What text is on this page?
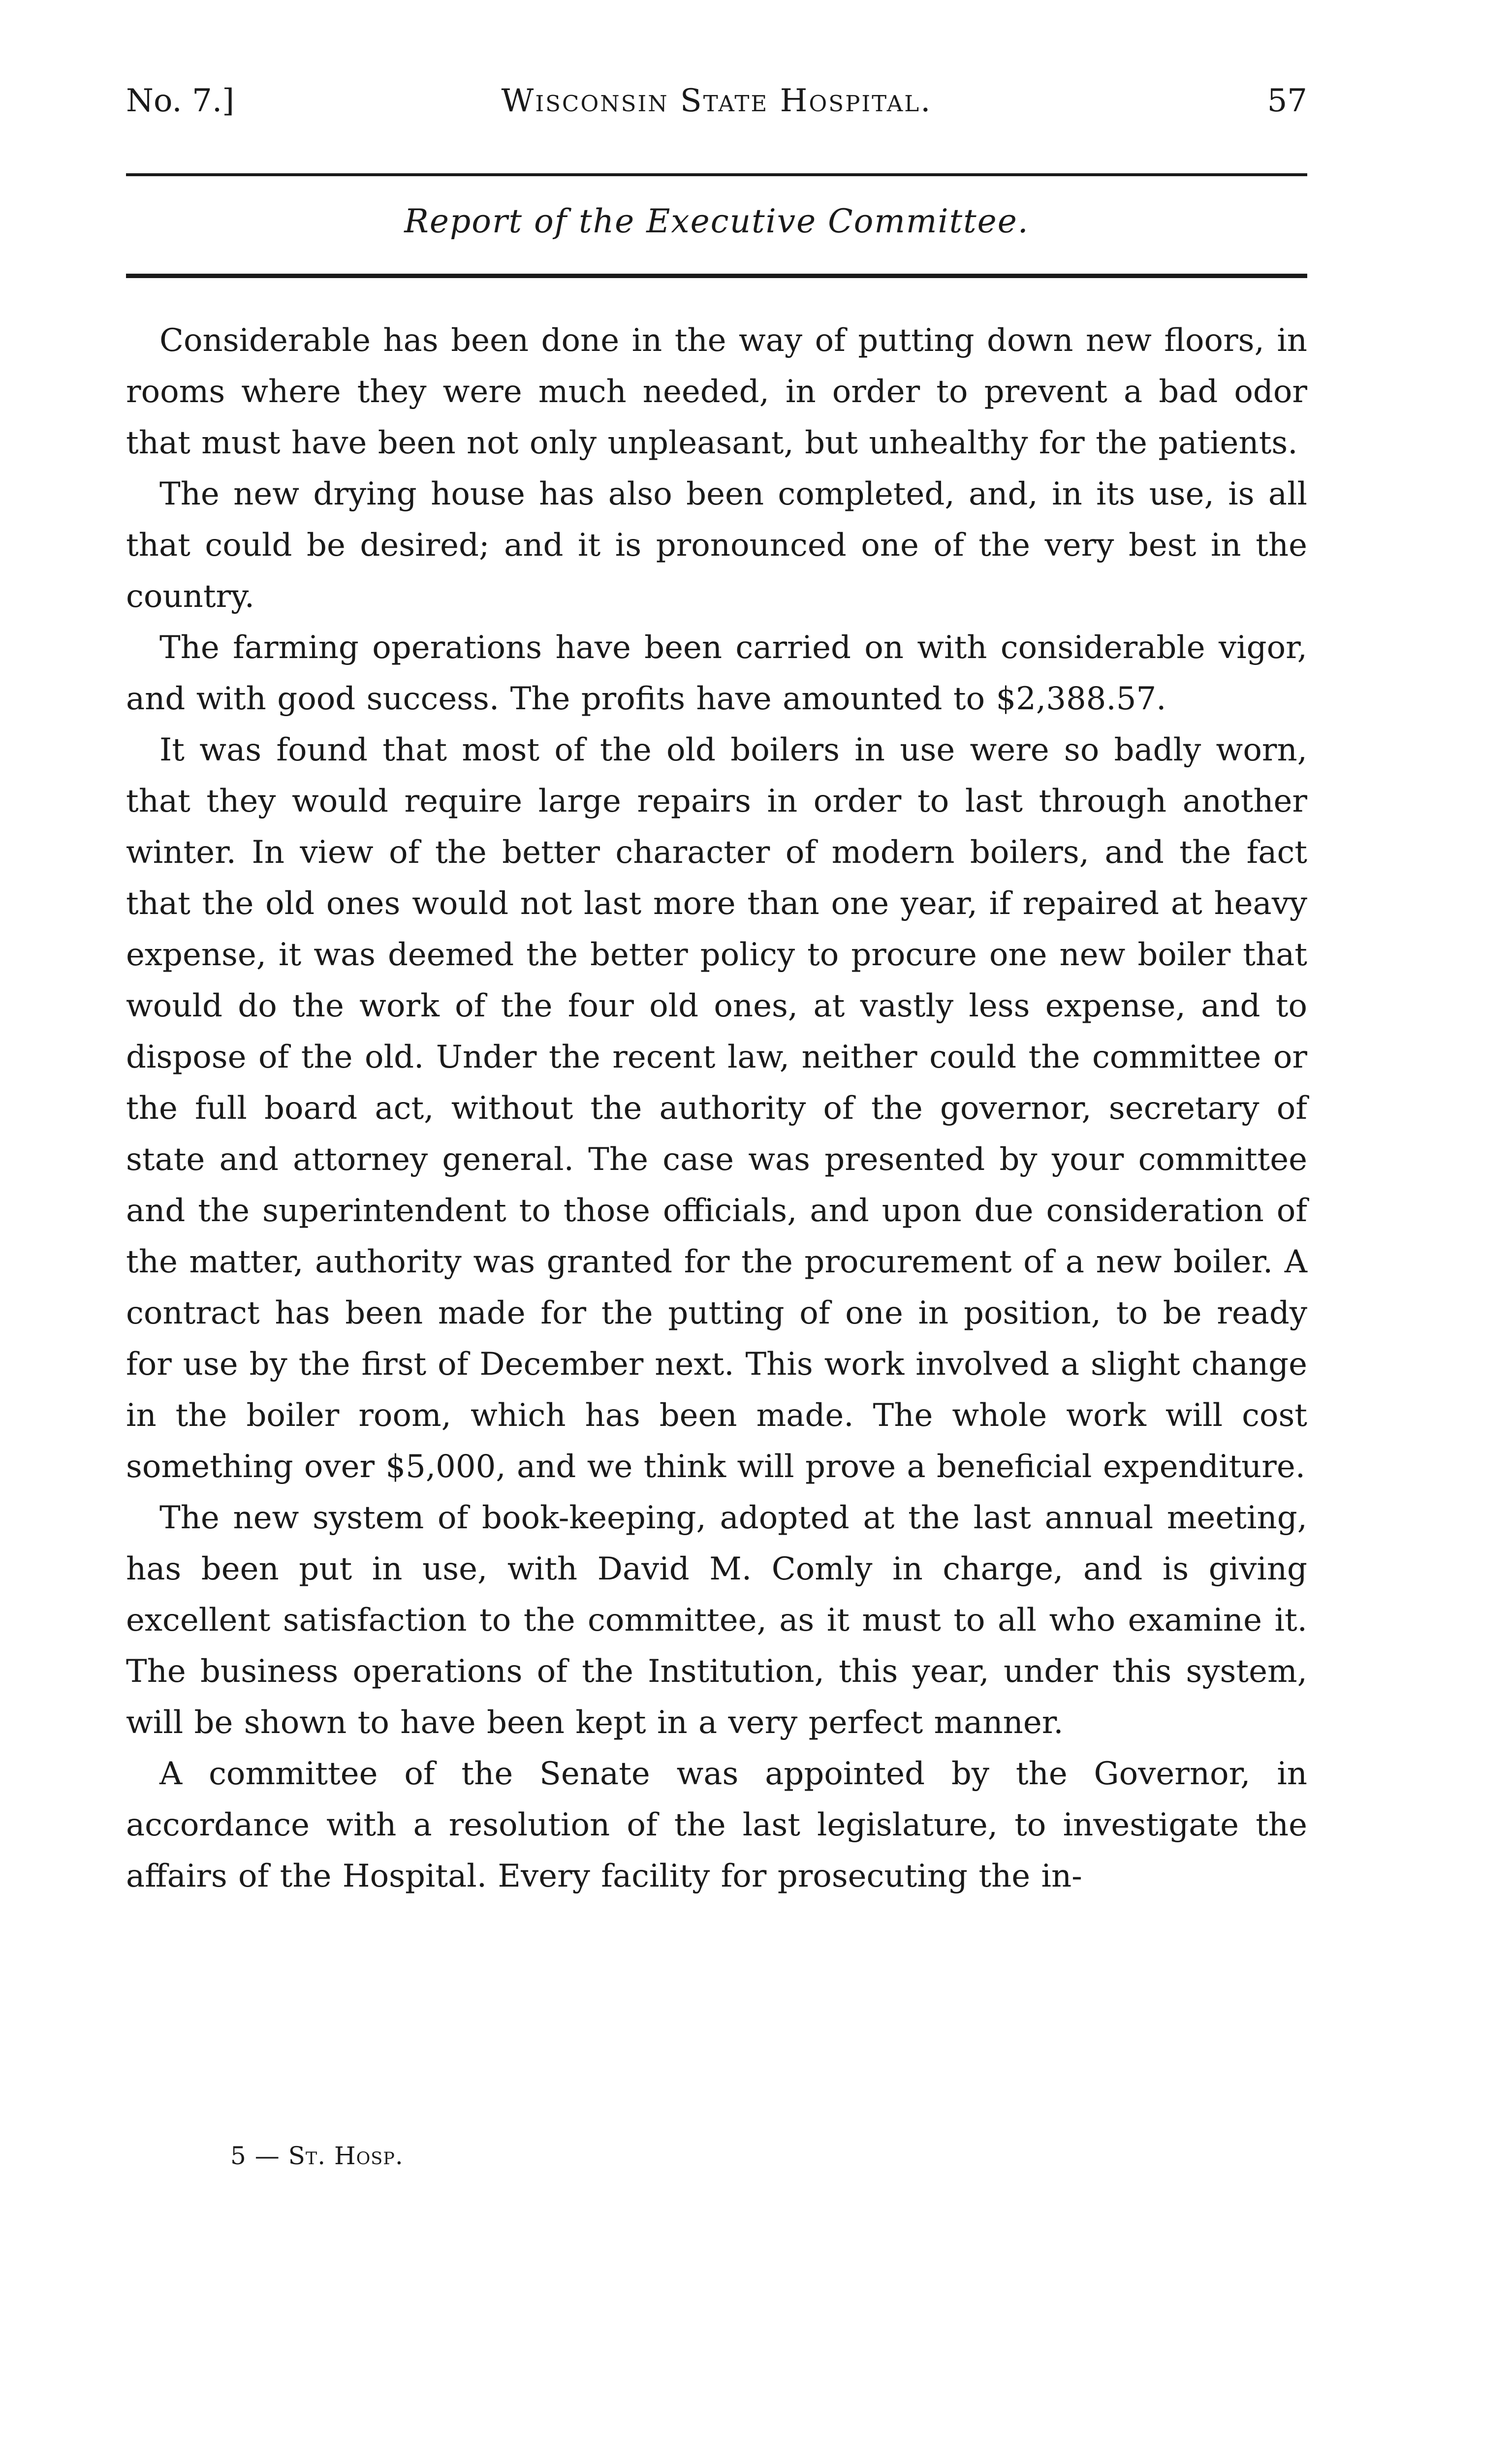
No. 7.]	Wisconsin State Hospital.	57
Report of the Executive Committee.

Considerable has been done in the way of putting down new floors, in rooms where they were much needed, in order to prevent a bad odor that must have been not only unpleasant, but unhealthy for the patients.

The new drying house has also been completed, and, in its use, is all that could be desired; and it is pronounced one of the very best in the country.

The farming operations have been carried on with considerable vigor, and with good success. The profits have amounted to $2,388.57.

It was found that most of the old boilers in use were so badly worn, that they would require large repairs in order to last through another winter. In view of the better character of modern boilers, and the fact that the old ones would not last more than one year, if repaired at heavy expense, it was deemed the better policy to procure one new boiler that would do the work of the four old ones, at vastly less expense, and to dispose of the old. Under the recent law, neither could the committee or the full board act, without the authority of the governor, secretary of state and attorney general. The case was presented by your committee and the superintendent to those officials, and upon due consideration of the matter, authority was granted for the procurement of a new boiler. A contract has been made for the putting of one in position, to be ready for use by the first of December next. This work involved a slight change in the boiler room, which has been made. The whole work will cost something over $5,000, and we think will prove a beneficial expenditure.

The new system of book-keeping, adopted at the last annual meeting, has been put in use, with David M. Comly in charge, and is giving excellent satisfaction to the committee, as it must to all who examine it. The business operations of the Institution, this year, under this system, will be shown to have been kept in a very perfect manner.

A committee of the Senate was appointed by the Governor, in accordance with a resolution of the last legislature, to investigate the affairs of the Hospital. Every facility for prosecuting the in-

5 — St. Hosp.
